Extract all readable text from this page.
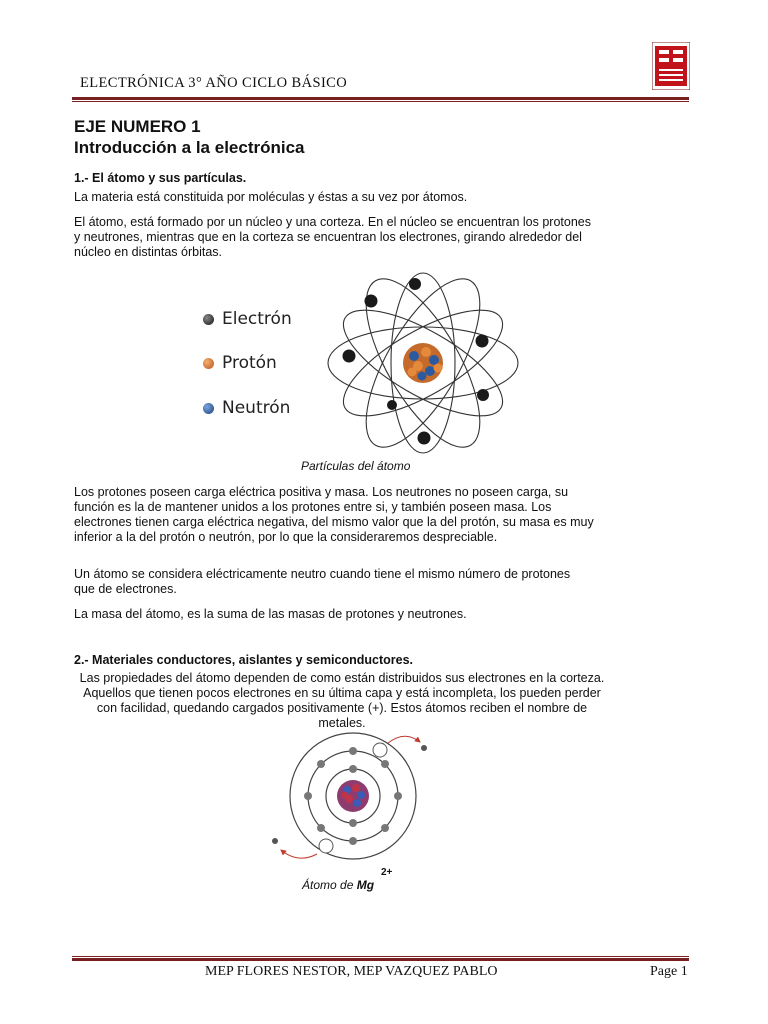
ELECTRÓNICA 3° AÑO CICLO BÁSICO
EJE NUMERO 1
Introducción a la electrónica
1.- El átomo y sus partículas.
La materia está constituida por moléculas y éstas a su vez por átomos.
El átomo, está formado por un núcleo y una corteza. En el núcleo se encuentran los protones y neutrones, mientras que en la corteza se encuentran los electrones, girando alrededor del núcleo en distintas órbitas.
Electrón
Protón
Neutrón
Partículas del átomo
Los protones poseen carga eléctrica positiva y masa. Los neutrones no poseen carga, su función es la de mantener unidos a los protones entre si, y también poseen masa. Los electrones tienen carga eléctrica negativa, del mismo valor que la del protón, su masa es muy inferior a la del protón o neutrón, por lo que la consideraremos despreciable.
Un átomo se considera eléctricamente neutro cuando tiene el mismo número de protones que de electrones.
La masa del átomo, es la suma de las masas de protones y neutrones.
2.- Materiales conductores, aislantes y semiconductores.
Las propiedades del átomo dependen de como están distribuidos sus electrones en la corteza. Aquellos que tienen pocos electrones en su última capa y está incompleta, los pueden perder con facilidad, quedando cargados positivamente (+). Estos átomos reciben el nombre de metales.
Átomo de Mg
2+
MEP FLORES NESTOR, MEP VAZQUEZ PABLO	Page 1
